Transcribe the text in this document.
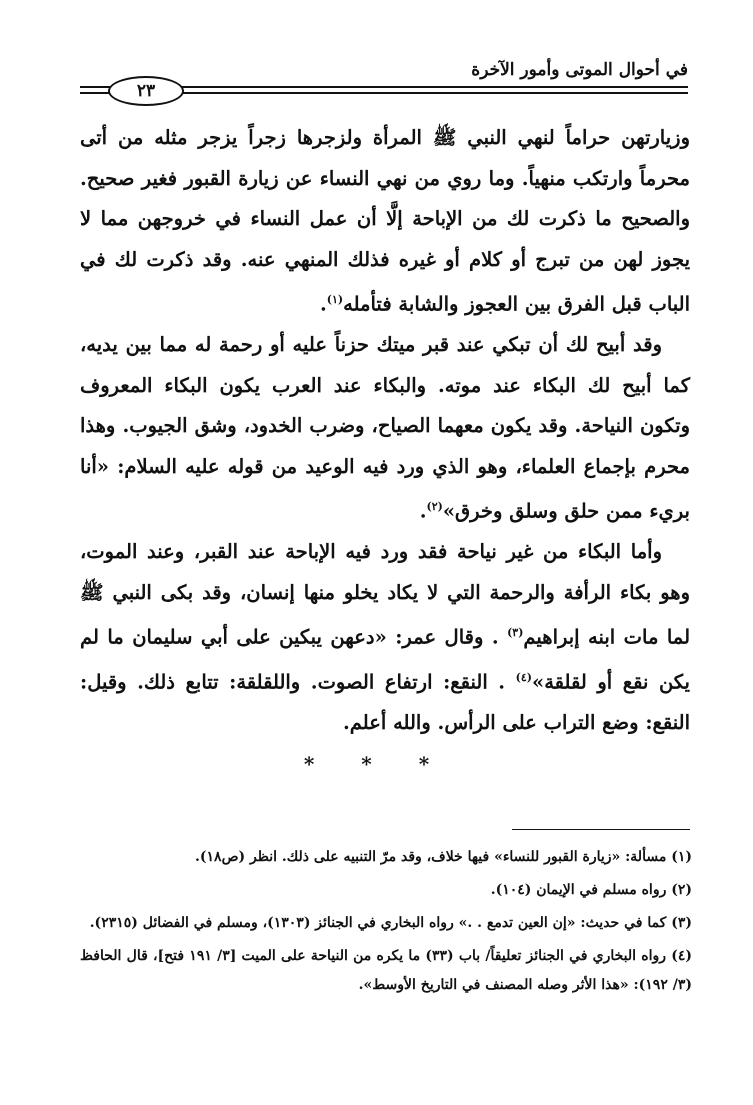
في أحوال الموتى وأمور الآخرة
٢٣

وزيارتهن حراماً لنهي النبي ﷺ المرأة ولزجرها زجراً يزجر مثله من أتى محرماً وارتكب منهياً. وما روي من نهي النساء عن زيارة القبور فغير صحيح. والصحيح ما ذكرت لك من الإباحة إلَّا أن عمل النساء في خروجهن مما لا يجوز لهن من تبرج أو كلام أو غيره فذلك المنهي عنه. وقد ذكرت لك في الباب قبل الفرق بين العجوز والشابة فتأمله$^{(١)}$.

وقد أبيح لك أن تبكي عند قبر ميتك حزناً عليه أو رحمة له مما بين يديه، كما أبيح لك البكاء عند موته. والبكاء عند العرب يكون البكاء المعروف وتكون النياحة. وقد يكون معهما الصياح، وضرب الخدود، وشق الجيوب. وهذا محرم بإجماع العلماء، وهو الذي ورد فيه الوعيد من قوله عليه السلام: «أنا بريء ممن حلق وسلق وخرق»$^{(٢)}$.

وأما البكاء من غير نياحة فقد ورد فيه الإباحة عند القبر، وعند الموت، وهو بكاء الرأفة والرحمة التي لا يكاد يخلو منها إنسان، وقد بكى النبي ﷺ لما مات ابنه إبراهيم$^{(٣)}$ . وقال عمر: «دعهن يبكين على أبي سليمان ما لم يكن نقع أو لقلقة»$^{(٤)}$ . النقع: ارتفاع الصوت. واللقلقة: تتابع ذلك. وقيل: النقع: وضع التراب على الرأس. والله أعلم.

* * *

(١) مسألة: «زيارة القبور للنساء» فيها خلاف، وقد مرّ التنبيه على ذلك. انظر (ص١٨).

(٢) رواه مسلم في الإيمان (١٠٤).

(٣) كما في حديث: «إن العين تدمع . .» رواه البخاري في الجنائز (١٣٠٣)، ومسلم في الفضائل (٢٣١٥).

(٤) رواه البخاري في الجنائز تعليقاً/ باب (٣٣) ما يكره من النياحة على الميت [٣/ ١٩١ فتح]، قال الحافظ (٣/ ١٩٢): «هذا الأثر وصله المصنف في التاريخ الأوسط».
